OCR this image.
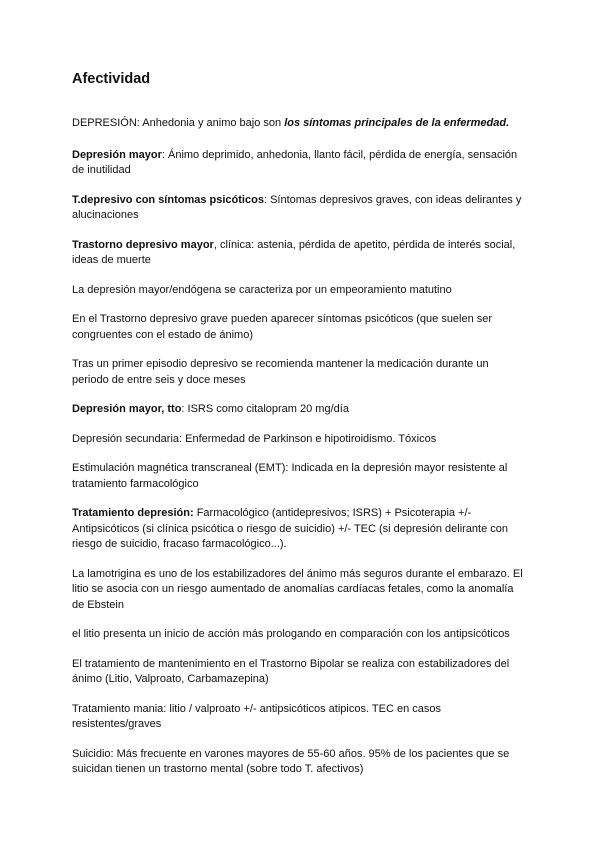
Afectividad

DEPRESIÓN: Anhedonia y animo bajo son los síntomas principales de la enfermedad.

Depresión mayor: Ánimo deprimido, anhedonia, llanto fácil, pérdida de energía, sensación de inutilidad

T.depresivo con síntomas psicóticos: Síntomas depresivos graves, con ideas delirantes y alucinaciones

Trastorno depresivo mayor, clínica: astenia, pérdida de apetito, pérdida de interés social, ideas de muerte

La depresión mayor/endógena se caracteriza por un empeoramiento matutino

En el Trastorno depresivo grave pueden aparecer síntomas psicóticos (que suelen ser congruentes con el estado de ánimo)

Tras un primer episodio depresivo se recomienda mantener la medicación durante un periodo de entre seis y doce meses

Depresión mayor, tto: ISRS como citalopram 20 mg/día

Depresión secundaria: Enfermedad de Parkinson e hipotiroidismo. Tóxicos

Estimulación magnética transcraneal (EMT): Indicada en la depresión mayor resistente al tratamiento farmacológico

Tratamiento depresión: Farmacológico (antidepresivos; ISRS) + Psicoterapia +/- Antipsicóticos (si clínica psicótica o riesgo de suicidio) +/- TEC (si depresión delirante con riesgo de suicidio, fracaso farmacológico...).

La lamotrigina es uno de los estabilizadores del ánimo más seguros durante el embarazo. El litio se asocia con un riesgo aumentado de anomalías cardíacas fetales, como la anomalía de Ebstein

el litio presenta un inicio de acción más prologando en comparación con los antipsicóticos

El tratamiento de mantenimiento en el Trastorno Bipolar se realiza con estabilizadores del ánimo (Litio, Valproato, Carbamazepina)

Tratamiento mania: litio / valproato +/- antipsicóticos atipicos. TEC en casos resistentes/graves

Suicidio: Más frecuente en varones mayores de 55-60 años. 95% de los pacientes que se suicidan tienen un trastorno mental (sobre todo T. afectivos)
